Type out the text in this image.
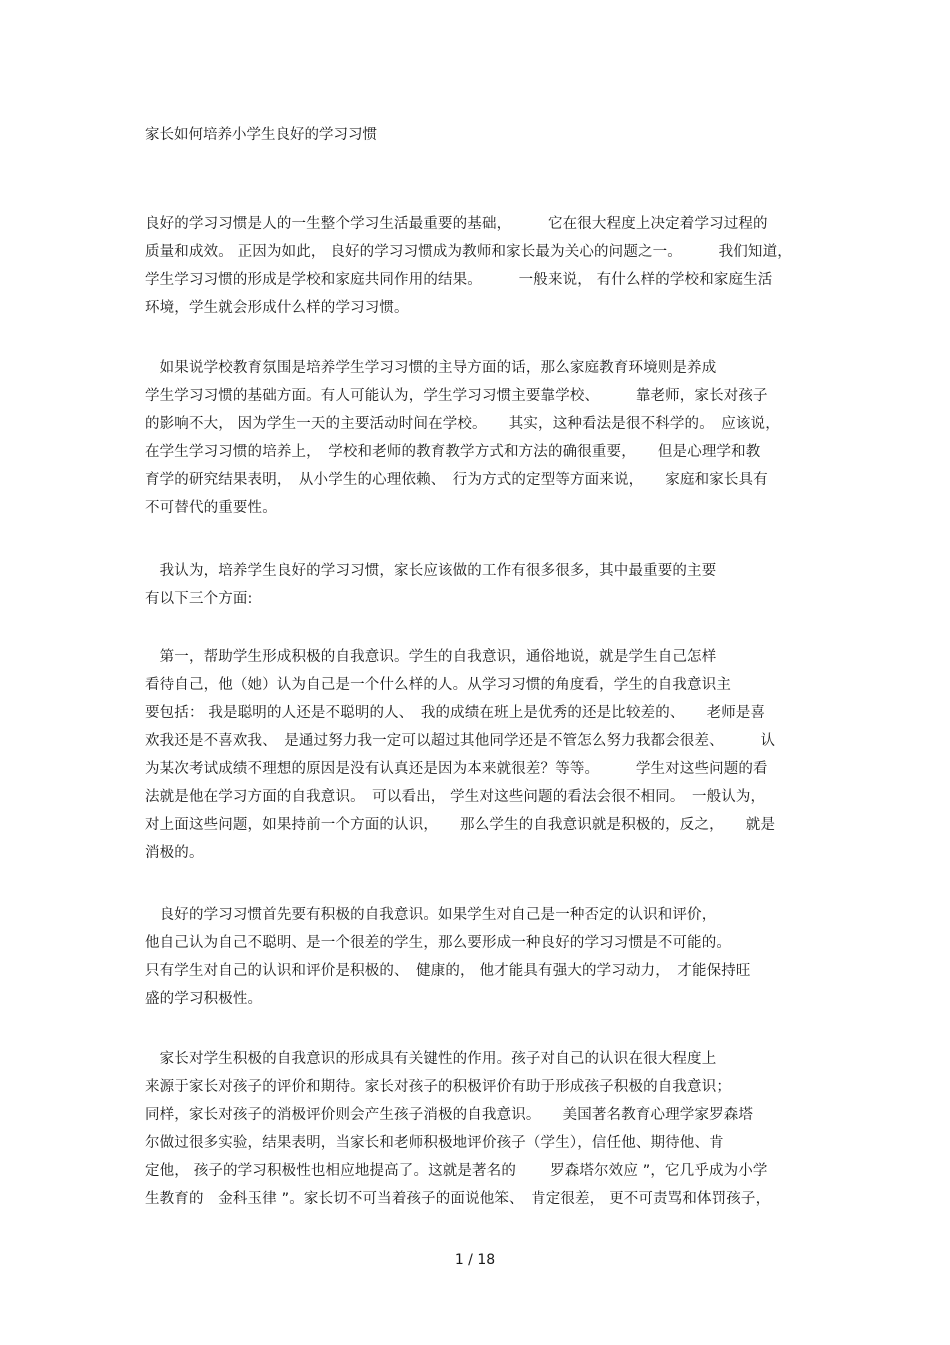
家长如何培养小学生良好的学习习惯
良好的学习习惯是人的一生整个学习生活最重要的基础，　　　它在很大程度上决定着学习过程的
质量和成效。 正因为如此， 良好的学习习惯成为教师和家长最为关心的问题之一。　　　我们知道，
学生学习习惯的形成是学校和家庭共同作用的结果。　　　一般来说， 有什么样的学校和家庭生活
环境，学生就会形成什么样的学习习惯。
　如果说学校教育氛围是培养学生学习习惯的主导方面的话，那么家庭教育环境则是养成
学生学习习惯的基础方面。有人可能认为，学生学习习惯主要靠学校、　　　靠老师，家长对孩子
的影响不大， 因为学生一天的主要活动时间在学校。　　其实，这种看法是很不科学的。　应该说，
在学生学习习惯的培养上，　学校和老师的教育教学方式和方法的确很重要，　　但是心理学和教
育学的研究结果表明，　从小学生的心理依赖、　行为方式的定型等方面来说，　　家庭和家长具有
不可替代的重要性。
　我认为，培养学生良好的学习习惯，家长应该做的工作有很多很多，其中最重要的主要
有以下三个方面:
　第一，帮助学生形成积极的自我意识。学生的自我意识，通俗地说，就是学生自己怎样
看待自己，他（她）认为自己是一个什么样的人。从学习习惯的角度看，学生的自我意识主
要包括： 我是聪明的人还是不聪明的人、　我的成绩在班上是优秀的还是比较差的、　　老师是喜
欢我还是不喜欢我、　是通过努力我一定可以超过其他同学还是不管怎么努力我都会很差、　　　认
为某次考试成绩不理想的原因是没有认真还是因为本来就很差？等等。　　　学生对这些问题的看
法就是他在学习方面的自我意识。　可以看出， 学生对这些问题的看法会很不相同。　一般认为，
对上面这些问题，如果持前一个方面的认识，　　那么学生的自我意识就是积极的，反之，　　就是
消极的。
　良好的学习习惯首先要有积极的自我意识。如果学生对自己是一种否定的认识和评价，
他自己认为自己不聪明、是一个很差的学生，那么要形成一种良好的学习习惯是不可能的。
只有学生对自己的认识和评价是积极的、　健康的， 他才能具有强大的学习动力，　才能保持旺
盛的学习积极性。
　家长对学生积极的自我意识的形成具有关键性的作用。孩子对自己的认识在很大程度上
来源于家长对孩子的评价和期待。家长对孩子的积极评价有助于形成孩子积极的自我意识；
同样，家长对孩子的消极评价则会产生孩子消极的自我意识。　　美国著名教育心理学家罗森塔
尔做过很多实验，结果表明，当家长和老师积极地评价孩子（学生），信任他、期待他、肯
定他， 孩子的学习积极性也相应地提高了。这就是著名的　　 罗森塔尔效应 ”，它几乎成为小学
生教育的　金科玉律 ”。家长切不可当着孩子的面说他笨、　肯定很差， 更不可责骂和体罚孩子，
1 / 18
